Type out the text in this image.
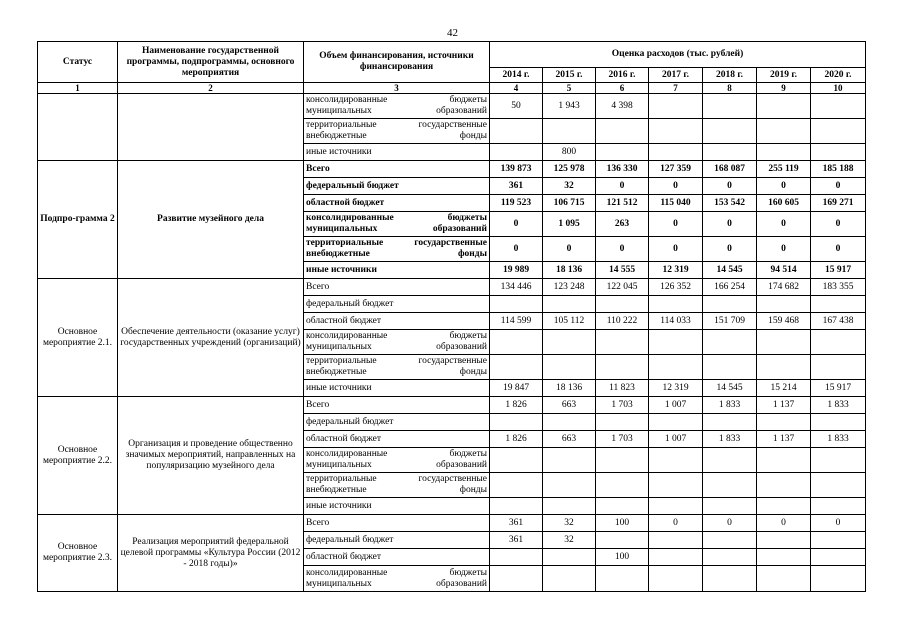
42
Статус	Наименование государственной программы, подпрограммы, основного мероприятия	Объем финансирования, источники финансирования	Оценка расходов (тыс. рублей)						
			2014 г.	2015 г.	2016 г.	2017 г.	2018 г.	2019 г.	2020 г.
1	2	3	4	5	6	7	8	9	10
		консолидированные бюджеты муниципальных образований	50	1 943	4 398				
		территориальные государственные внебюджетные фонды							
		иные источники		800					
Подпро-грамма 2	Развитие музейного дела	Всего	139 873	125 978	136 330	127 359	168 087	255 119	185 188
		федеральный бюджет	361	32	0	0	0	0	0
		областной бюджет	119 523	106 715	121 512	115 040	153 542	160 605	169 271
		консолидированные бюджеты муниципальных образований	0	1 095	263	0	0	0	0
		территориальные государственные внебюджетные фонды	0	0	0	0	0	0	0
		иные источники	19 989	18 136	14 555	12 319	14 545	94 514	15 917
Основное мероприятие 2.1.	Обеспечение деятельности (оказание услуг) государственных учреждений (организаций)	Всего	134 446	123 248	122 045	126 352	166 254	174 682	183 355
		федеральный бюджет							
		областной бюджет	114 599	105 112	110 222	114 033	151 709	159 468	167 438
		консолидированные бюджеты муниципальных образований							
		территориальные государственные внебюджетные фонды							
		иные источники	19 847	18 136	11 823	12 319	14 545	15 214	15 917
Основное мероприятие 2.2.	Организация и проведение общественно значимых мероприятий, направленных на популяризацию музейного дела	Всего	1 826	663	1 703	1 007	1 833	1 137	1 833
		федеральный бюджет							
		областной бюджет	1 826	663	1 703	1 007	1 833	1 137	1 833
		консолидированные бюджеты муниципальных образований							
		территориальные государственные внебюджетные фонды							
		иные источники							
Основное мероприятие 2.3.	Реализация мероприятий федеральной целевой программы «Культура России (2012 - 2018 годы)»	Всего	361	32	100	0	0	0	0
		федеральный бюджет	361	32					
		областной бюджет			100				
		консолидированные бюджеты муниципальных образований							
